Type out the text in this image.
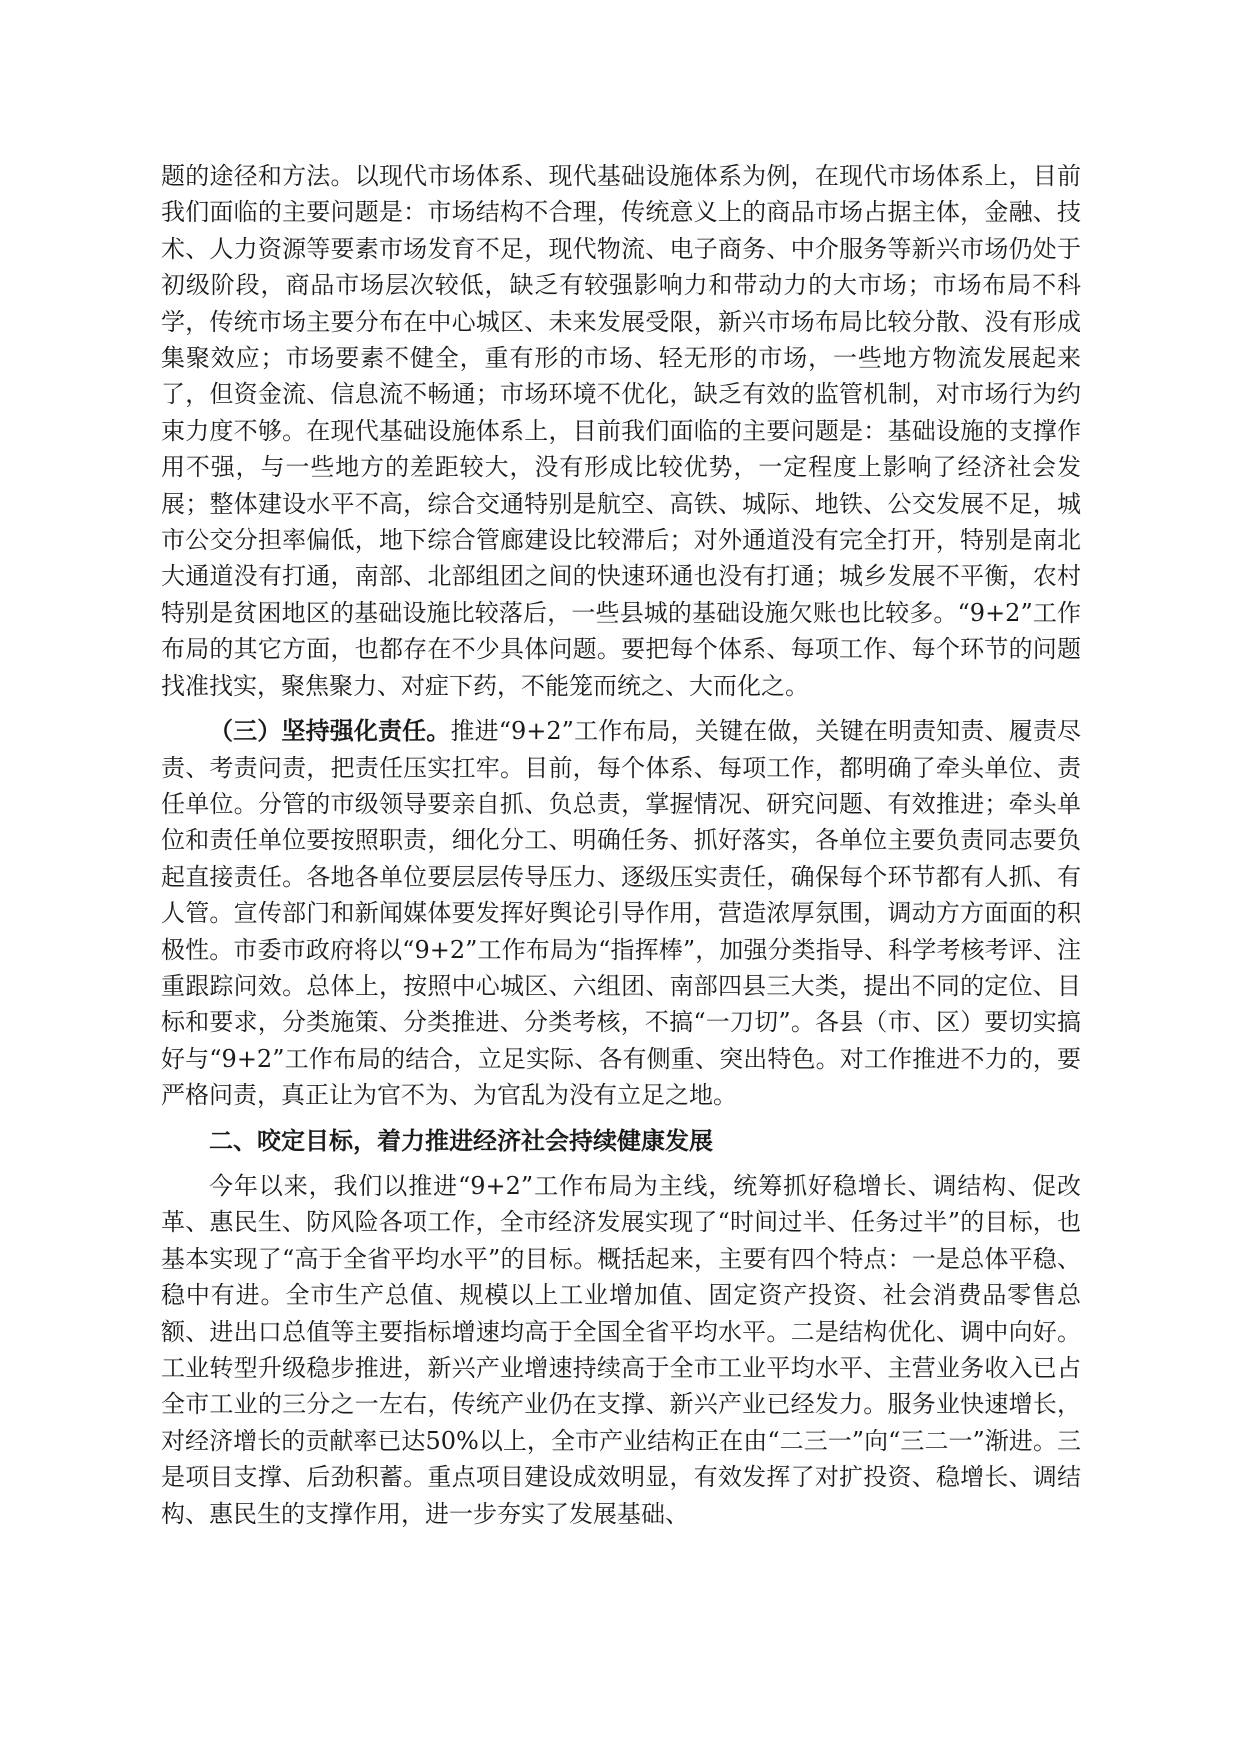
题的途径和方法。以现代市场体系、现代基础设施体系为例，在现代市场体系上，目前我们面临的主要问题是：市场结构不合理，传统意义上的商品市场占据主体，金融、技术、人力资源等要素市场发育不足，现代物流、电子商务、中介服务等新兴市场仍处于初级阶段，商品市场层次较低，缺乏有较强影响力和带动力的大市场；市场布局不科学，传统市场主要分布在中心城区、未来发展受限，新兴市场布局比较分散、没有形成集聚效应；市场要素不健全，重有形的市场、轻无形的市场，一些地方物流发展起来了，但资金流、信息流不畅通；市场环境不优化，缺乏有效的监管机制，对市场行为约束力度不够。在现代基础设施体系上，目前我们面临的主要问题是：基础设施的支撑作用不强，与一些地方的差距较大，没有形成比较优势，一定程度上影响了经济社会发展；整体建设水平不高，综合交通特别是航空、高铁、城际、地铁、公交发展不足，城市公交分担率偏低，地下综合管廊建设比较滞后；对外通道没有完全打开，特别是南北大通道没有打通，南部、北部组团之间的快速环通也没有打通；城乡发展不平衡，农村特别是贫困地区的基础设施比较落后，一些县城的基础设施欠账也比较多。“9+2”工作布局的其它方面，也都存在不少具体问题。要把每个体系、每项工作、每个环节的问题找准找实，聚焦聚力、对症下药，不能笼而统之、大而化之。

（三）坚持强化责任。推进“9+2”工作布局，关键在做，关键在明责知责、履责尽责、考责问责，把责任压实扛牢。目前，每个体系、每项工作，都明确了牵头单位、责任单位。分管的市级领导要亲自抓、负总责，掌握情况、研究问题、有效推进；牵头单位和责任单位要按照职责，细化分工、明确任务、抓好落实，各单位主要负责同志要负起直接责任。各地各单位要层层传导压力、逐级压实责任，确保每个环节都有人抓、有人管。宣传部门和新闻媒体要发挥好舆论引导作用，营造浓厚氛围，调动方方面面的积极性。市委市政府将以“9+2”工作布局为“指挥棒”，加强分类指导、科学考核考评、注重跟踪问效。总体上，按照中心城区、六组团、南部四县三大类，提出不同的定位、目标和要求，分类施策、分类推进、分类考核，不搞“一刀切”。各县（市、区）要切实搞好与“9+2”工作布局的结合，立足实际、各有侧重、突出特色。对工作推进不力的，要严格问责，真正让为官不为、为官乱为没有立足之地。

二、咬定目标，着力推进经济社会持续健康发展

今年以来，我们以推进“9+2”工作布局为主线，统筹抓好稳增长、调结构、促改革、惠民生、防风险各项工作，全市经济发展实现了“时间过半、任务过半”的目标，也基本实现了“高于全省平均水平”的目标。概括起来，主要有四个特点：一是总体平稳、稳中有进。全市生产总值、规模以上工业增加值、固定资产投资、社会消费品零售总额、进出口总值等主要指标增速均高于全国全省平均水平。二是结构优化、调中向好。工业转型升级稳步推进，新兴产业增速持续高于全市工业平均水平、主营业务收入已占全市工业的三分之一左右，传统产业仍在支撑、新兴产业已经发力。服务业快速增长，对经济增长的贡献率已达50%以上，全市产业结构正在由“二三一”向“三二一”渐进。三是项目支撑、后劲积蓄。重点项目建设成效明显，有效发挥了对扩投资、稳增长、调结构、惠民生的支撑作用，进一步夯实了发展基础、
